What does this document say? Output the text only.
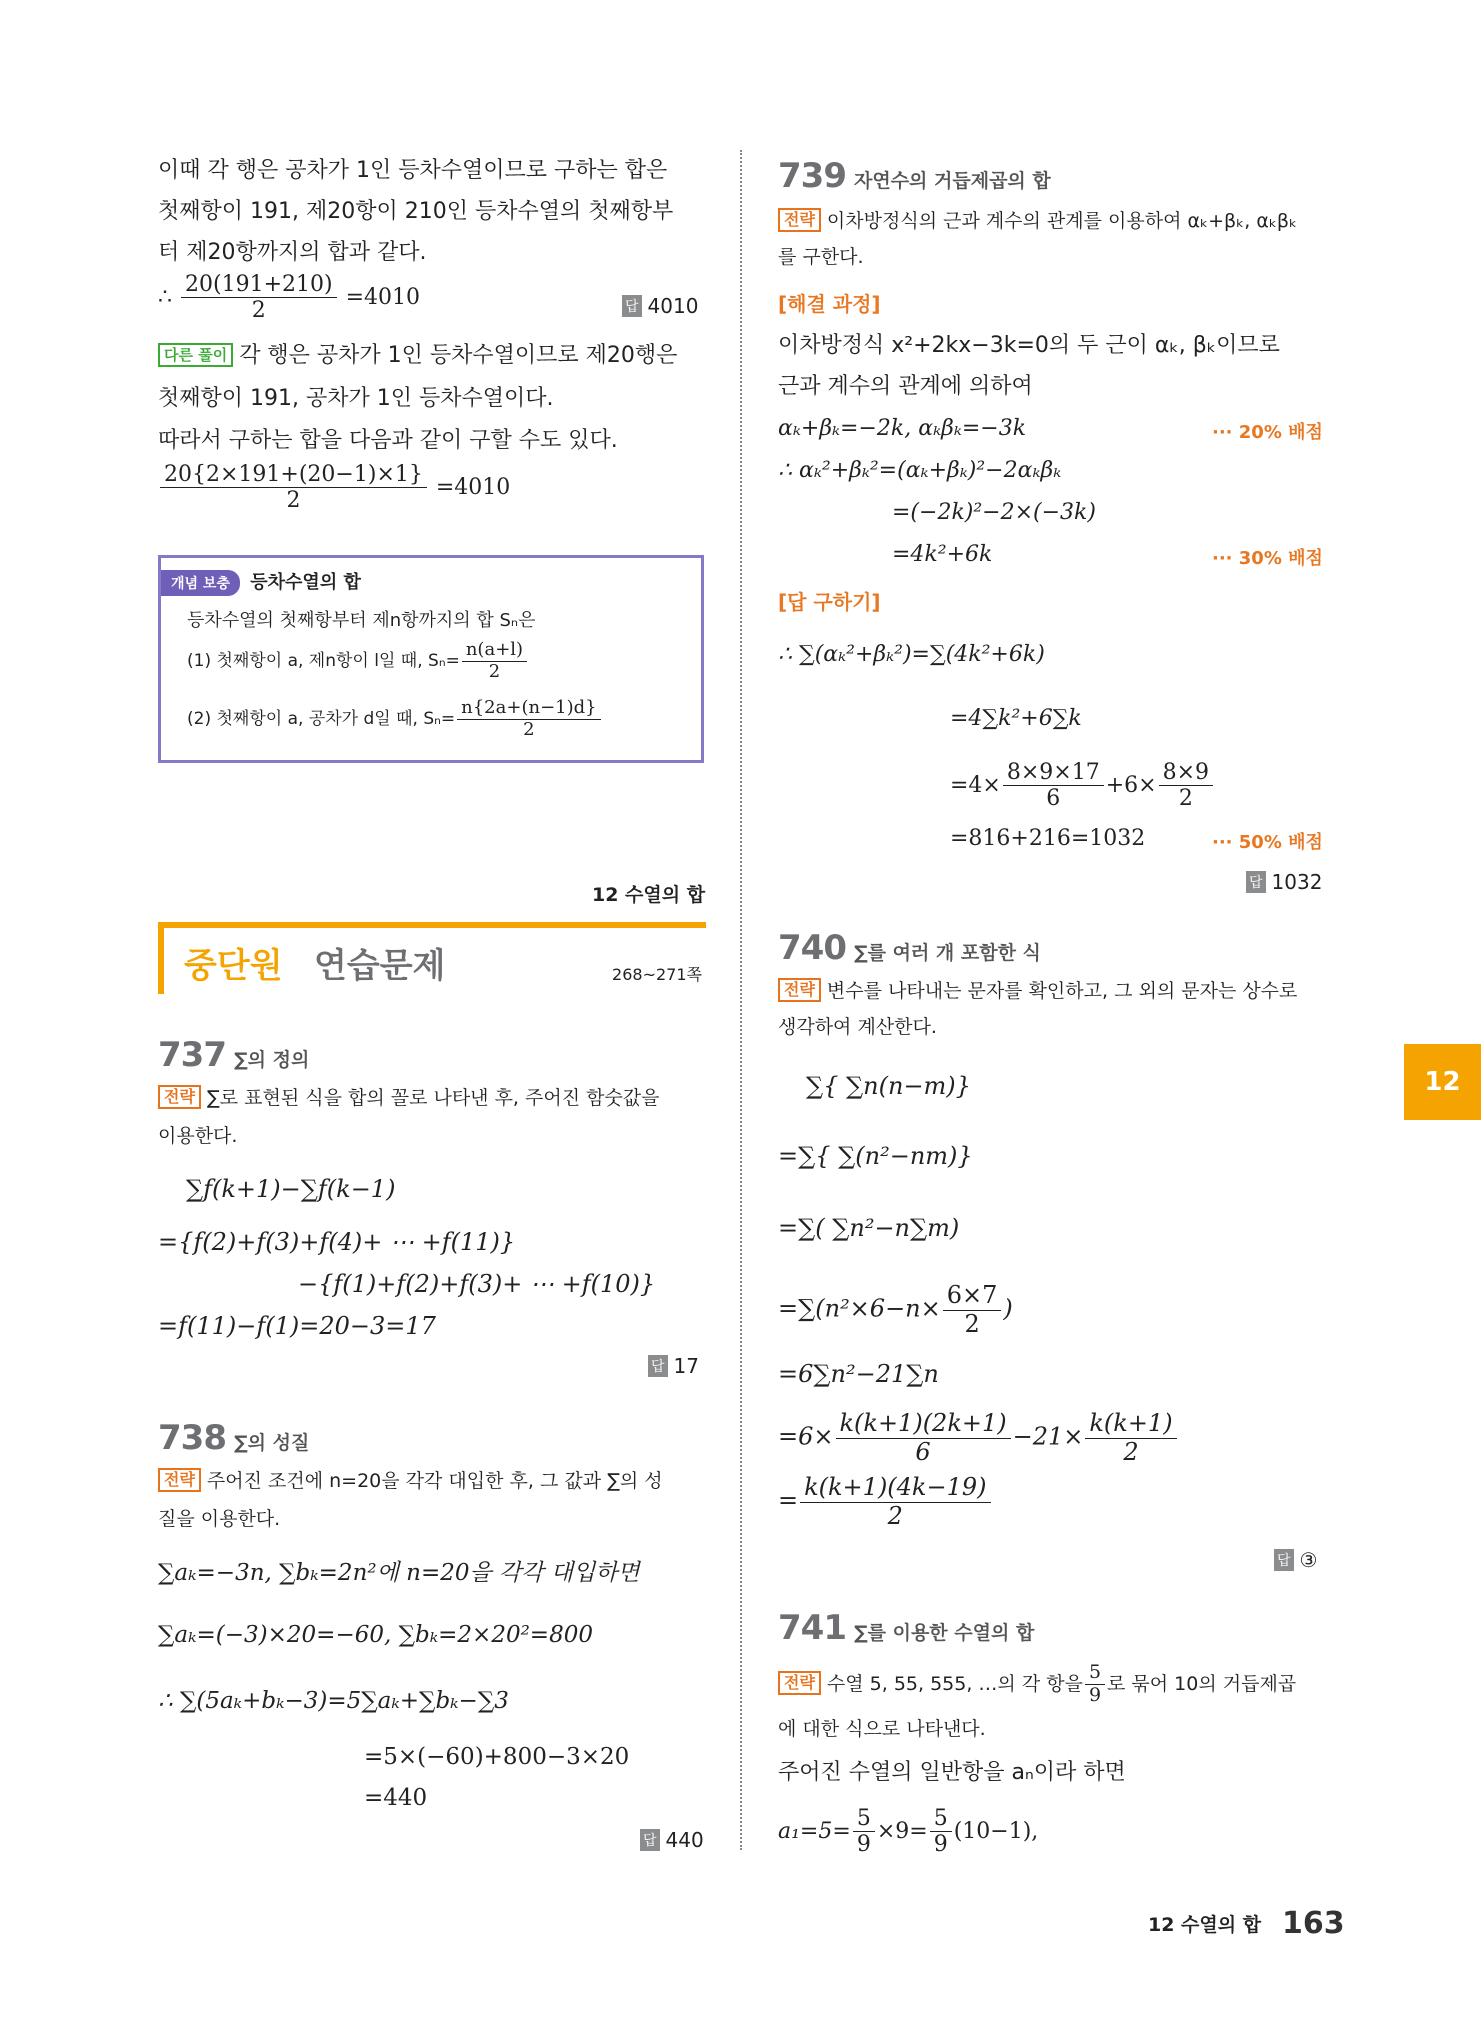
이때 각 행은 공차가 1인 등차수열이므로 구하는 합은
첫째항이 191, 제20항이 210인 등차수열의 첫째항부
터 제20항까지의 합과 같다.
∴ $\frac{20(191+210)}{2} =4010$	답 4010
다른 풀이 각 행은 공차가 1인 등차수열이므로 제20행은
첫째항이 191, 공차가 1인 등차수열이다.
따라서 구하는 합을 다음과 같이 구할 수도 있다.
$\frac{20\{2\times 191+(20-1)\times 1\}}{2} =4010$
개념 보충 등차수열의 합
등차수열의 첫째항부터 제n항까지의 합 Sₙ은
(1) 첫째항이 a, 제n항이 l일 때, $S_n= \frac{n(a+l)}{2}$
(2) 첫째항이 a, 공차가 d일 때, $S_n= \frac{n\{2a+(n-1)d\}}{2}$
12 수열의 합
중단원 연습문제	268~271쪽
737 ∑의 정의
전략 ∑로 표현된 식을 합의 꼴로 나타낸 후, 주어진 함숫값을
이용한다.
∑f(k+1)−∑f(k−1)
={f(2)+f(3)+f(4)+ ⋯ +f(11)}
−{f(1)+f(2)+f(3)+ ⋯ +f(10)}
=f(11)−f(1)=20−3=17
답 17
738 ∑의 성질
전략 주어진 조건에 n=20을 각각 대입한 후, 그 값과 ∑의 성
질을 이용한다.
∑aₖ=−3n, ∑bₖ=2n²에 n=20을 각각 대입하면
∑aₖ=(−3)×20=−60, ∑bₖ=2×20²=800
∴ ∑(5aₖ+bₖ−3)=5∑aₖ+∑bₖ−∑3
=5×(−60)+800−3×20
=440
답 440
739 자연수의 거듭제곱의 합
전략 이차방정식의 근과 계수의 관계를 이용하여 αₖ+βₖ, αₖβₖ
를 구한다.
[해결 과정]
이차방정식 x²+2kx−3k=0의 두 근이 αₖ, βₖ이므로
근과 계수의 관계에 의하여
αₖ+βₖ=−2k, αₖβₖ=−3k	··· 20% 배점
∴ αₖ²+βₖ²=(αₖ+βₖ)²−2αₖβₖ
=(−2k)²−2×(−3k)
=4k²+6k	··· 30% 배점
[답 구하기]
∴ ∑(αₖ²+βₖ²)=∑(4k²+6k)
=4∑k²+6∑k
$=4\times \frac{8\times 9\times 17}{6} +6\times \frac{8\times 9}{2}$
=816+216=1032	··· 50% 배점
답 1032
740 ∑를 여러 개 포함한 식
전략 변수를 나타내는 문자를 확인하고, 그 외의 문자는 상수로
생각하여 계산한다.
∑{ ∑n(n−m)}
=∑{ ∑(n²−nm)}
=∑( ∑n²−n∑m)
$=\sum(n^2\times 6-n\times \frac{6\times 7}{2}$ )
=6∑n²−21∑n
$=6\times \frac{k(k+1)(2k+1)}{6} -21\times \frac{k(k+1)}{2}$
= $\frac{k(k+1)(4k-19)}{2}$
답 ③
741 ∑를 이용한 수열의 합
전략 수열 5, 55, 555, …의 각 항을 $\frac{5}{9}$ 로 묶어 10의 거듭제곱
에 대한 식으로 나타낸다.
주어진 수열의 일반항을 aₙ이라 하면
$a_1=5= \frac{5}{9} \times 9= \frac{5}{9} (10-1)$,
12
12 수열의 합 163
